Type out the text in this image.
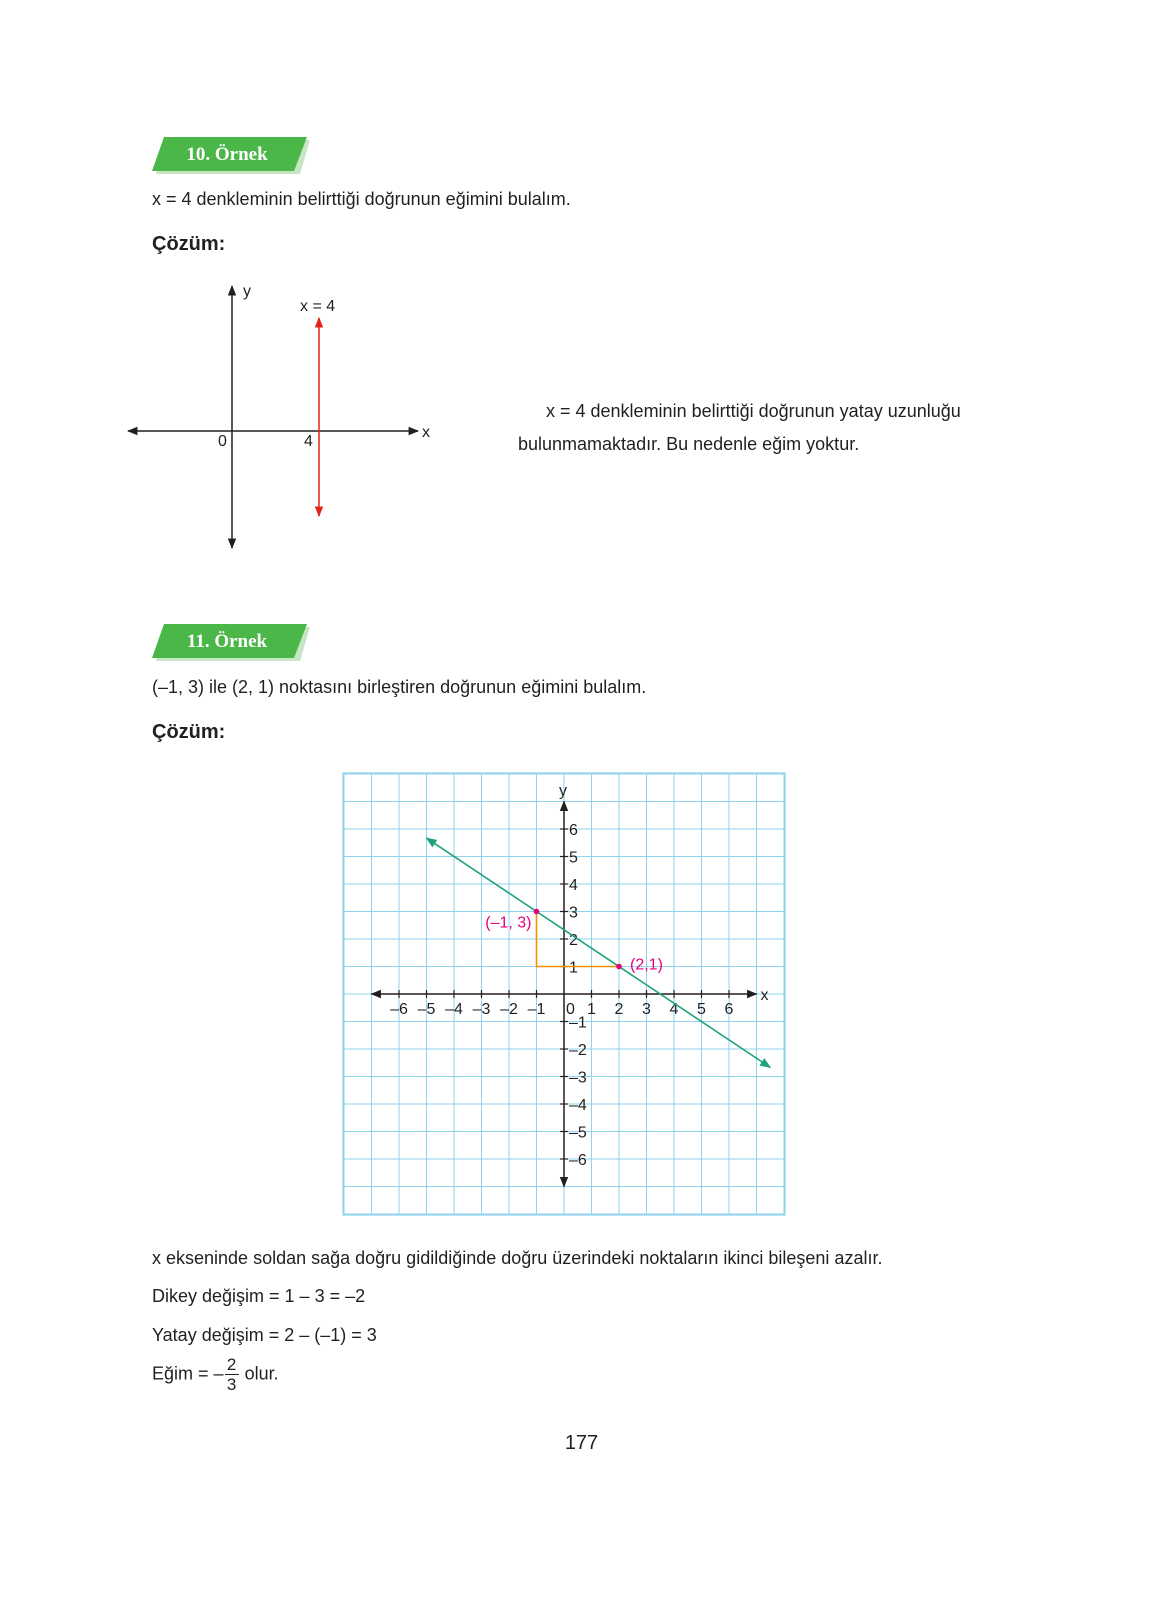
10. Örnek
x = 4 denkleminin belirttiği doğrunun eğimini bulalım.
Çözüm:
y
x
0	4
x = 4
x = 4 denkleminin belirttiği doğrunun yatay uzunluğu
bulunmamaktadır. Bu nedenle eğim yoktur.
11. Örnek
(–1, 3) ile (2, 1) noktasını birleştiren doğrunun eğimini bulalım.
Çözüm:
x
y
–6 –5 –4 –3 –2 –1	1 2 3 4 5 6
0
6
5
4
3
2
1
–1
–2
–3
–4
–5
–6
(–1, 3)
(2,1)
x ekseninde soldan sağa doğru gidildiğinde doğru üzerindeki noktaların ikinci bileşeni azalır.
Dikey değişim = 1 – 3 = –2
Yatay değişim = 2 – (–1) = 3
Eğim = – $\frac{2}{3}$ olur.
177
